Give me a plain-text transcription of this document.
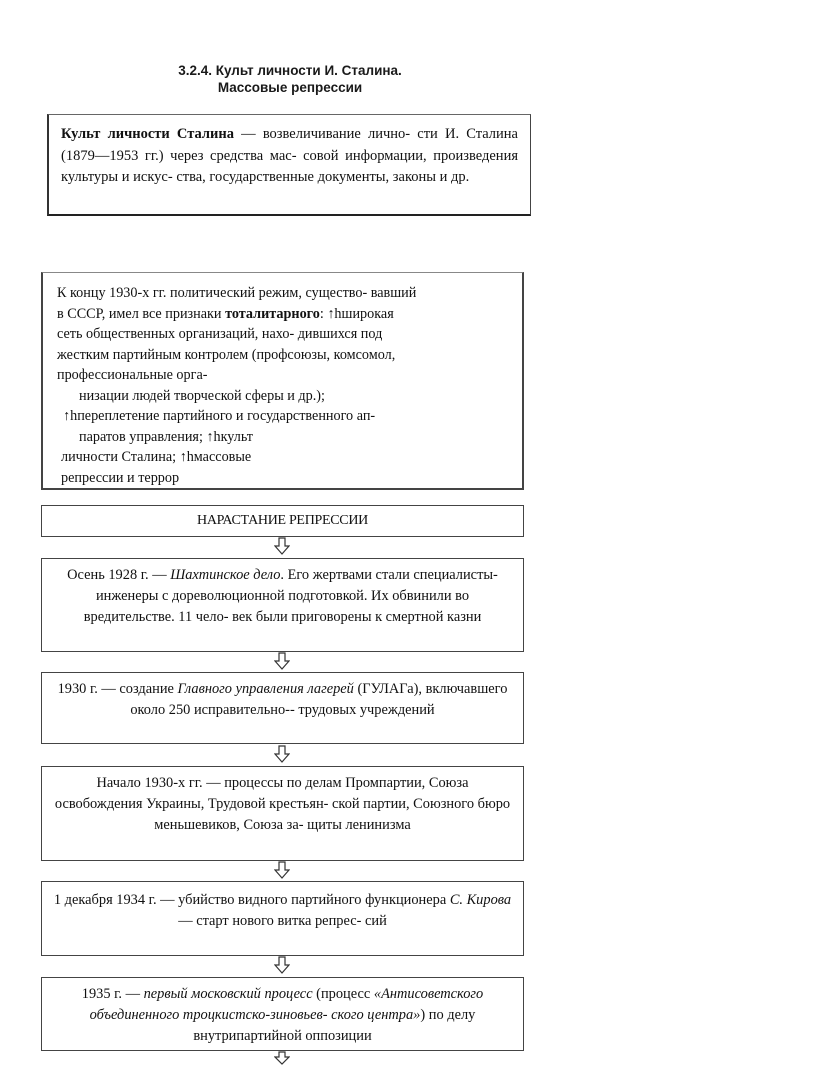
3.2.4. Культ личности И. Сталина.
Массовые репрессии

Культ личности Сталина — возвеличивание лично- сти И. Сталина (1879—1953 гг.) через средства мас- совой информации, произведения культуры и искус- ства, государственные документы, законы и др.

К концу 1930-х гг. политический режим, существо- вавший
в СССР, имел все признаки тоталитарного: ↑hширокая
сеть общественных организаций, нахо- дившихся под
жестким партийным контролем (профсоюзы, комсомол,
профессиональные орга-
низации людей творческой сферы и др.);
↑hпереплетение партийного и государственного ап-
паратов управления; ↑hкульт
личности Сталина; ↑hмассовые
репрессии и террор
НАРАСТАНИЕ РЕПРЕССИИ
Осень 1928 г. — Шахтинское дело. Его жертвами стали специалисты-инженеры с дореволюционной подготовкой. Их обвинили во вредительстве. 11 чело- век были приговорены к смертной казни
1930 г. — создание Главного управления лагерей (ГУЛАГа), включавшего около 250 исправительно-- трудовых учреждений
Начало 1930-х гг. — процессы по делам Промпартии, Союза освобождения Украины, Трудовой крестьян- ской партии, Союзного бюро меньшевиков, Союза за- щиты ленинизма
1 декабря 1934 г. — убийство видного партийного функционера С. Кирова — старт нового витка репрес- сий
1935 г. — первый московский процесс (процесс «Антисоветского объединенного троцкистско-зиновьев- ского центра») по делу внутрипартийной оппозиции
